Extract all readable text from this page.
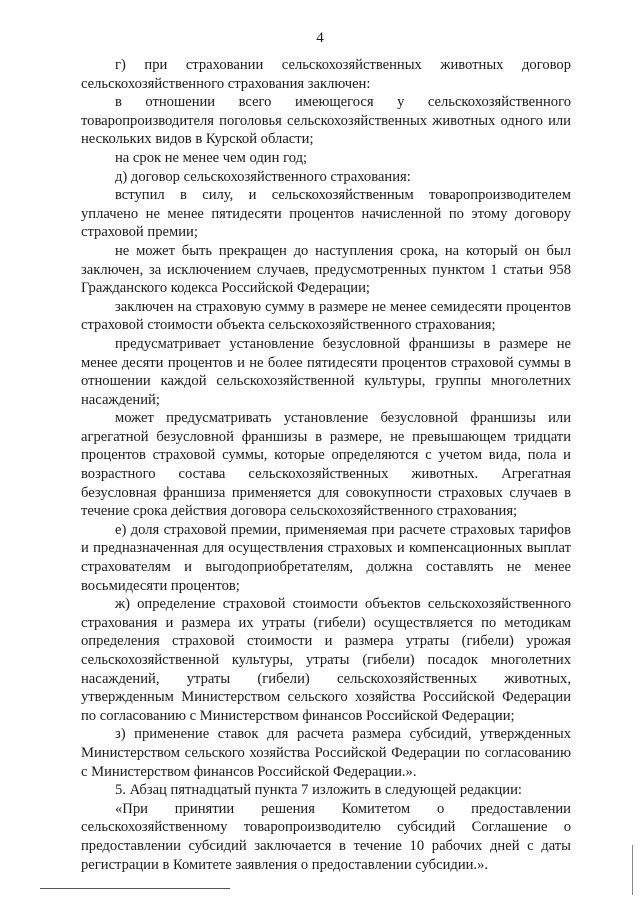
4

г) при страховании сельскохозяйственных животных договор сельскохозяйственного страхования заключен:

в отношении всего имеющегося у сельскохозяйственного товаропроизводителя поголовья сельскохозяйственных животных одного или нескольких видов в Курской области;

на срок не менее чем один год;

д) договор сельскохозяйственного страхования:

вступил в силу, и сельскохозяйственным товаропроизводителем уплачено не менее пятидесяти процентов начисленной по этому договору страховой премии;

не может быть прекращен до наступления срока, на который он был заключен, за исключением случаев, предусмотренных пунктом 1 статьи 958 Гражданского кодекса Российской Федерации;

заключен на страховую сумму в размере не менее семидесяти процентов страховой стоимости объекта сельскохозяйственного страхования;

предусматривает установление безусловной франшизы в размере не менее десяти процентов и не более пятидесяти процентов страховой суммы в отношении каждой сельскохозяйственной культуры, группы многолетних насаждений;

может предусматривать установление безусловной франшизы или агрегатной безусловной франшизы в размере, не превышающем тридцати процентов страховой суммы, которые определяются с учетом вида, пола и возрастного состава сельскохозяйственных животных. Агрегатная безусловная франшиза применяется для совокупности страховых случаев в течение срока действия договора сельскохозяйственного страхования;

е) доля страховой премии, применяемая при расчете страховых тарифов и предназначенная для осуществления страховых и компенсационных выплат страхователям и выгодоприобретателям, должна составлять не менее восьмидесяти процентов;

ж) определение страховой стоимости объектов сельскохозяйственного страхования и размера их утраты (гибели) осуществляется по методикам определения страховой стоимости и размера утраты (гибели) урожая сельскохозяйственной культуры, утраты (гибели) посадок многолетних насаждений, утраты (гибели) сельскохозяйственных животных, утвержденным Министерством сельского хозяйства Российской Федерации по согласованию с Министерством финансов Российской Федерации;

з) применение ставок для расчета размера субсидий, утвержденных Министерством сельского хозяйства Российской Федерации по согласованию с Министерством финансов Российской Федерации.».

5. Абзац пятнадцатый пункта 7 изложить в следующей редакции:

«При принятии решения Комитетом о предоставлении сельскохозяйственному товаропроизводителю субсидий Соглашение о предоставлении субсидий заключается в течение 10 рабочих дней с даты регистрации в Комитете заявления о предоставлении субсидии.».
